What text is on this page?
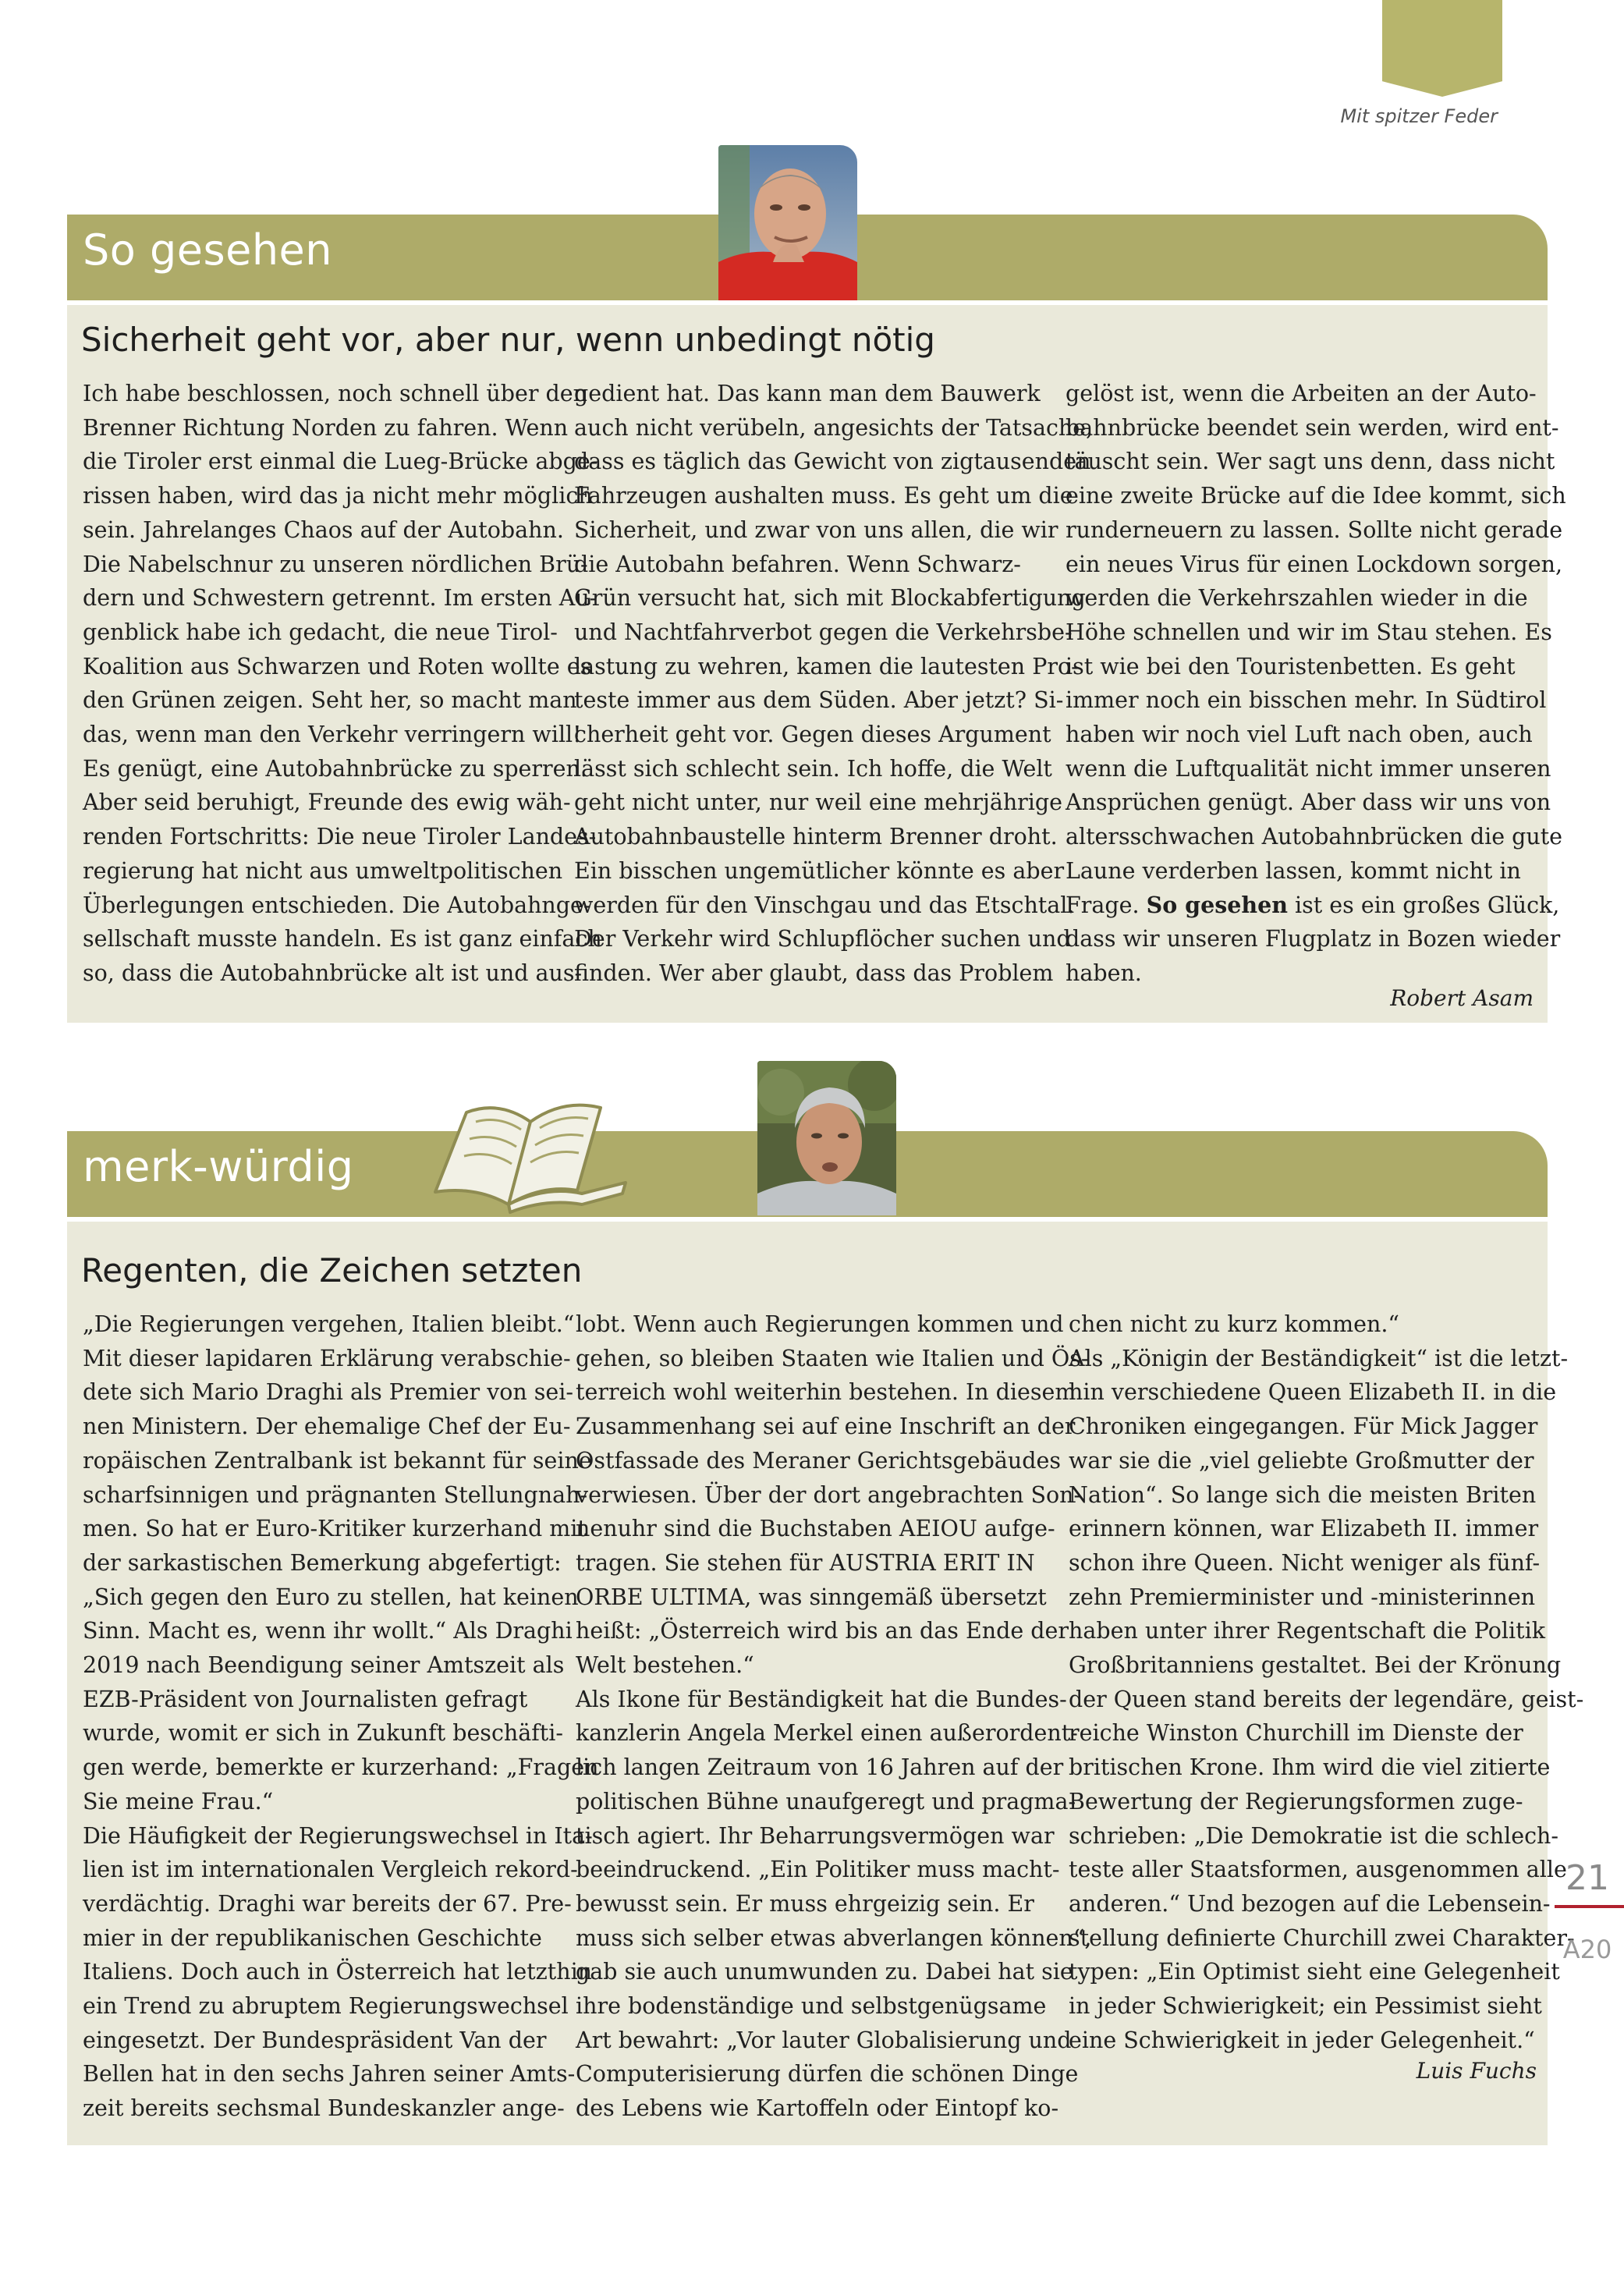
Mit spitzer Feder
So gesehen
Sicherheit geht vor, aber nur, wenn unbedingt nötig
Ich habe beschlossen, noch schnell über den
Brenner Richtung Norden zu fahren. Wenn
die Tiroler erst einmal die Lueg-Brücke abge-
rissen haben, wird das ja nicht mehr möglich
sein. Jahrelanges Chaos auf der Autobahn.
Die Nabelschnur zu unseren nördlichen Brü-
dern und Schwestern getrennt. Im ersten Au-
genblick habe ich gedacht, die neue Tirol-
Koalition aus Schwarzen und Roten wollte es
den Grünen zeigen. Seht her, so macht man
das, wenn man den Verkehr verringern will!
Es genügt, eine Autobahnbrücke zu sperren.
Aber seid beruhigt, Freunde des ewig wäh-
renden Fortschritts: Die neue Tiroler Landes-
regierung hat nicht aus umweltpolitischen
Überlegungen entschieden. Die Autobahnge-
sellschaft musste handeln. Es ist ganz einfach
so, dass die Autobahnbrücke alt ist und aus-
gedient hat. Das kann man dem Bauwerk
auch nicht verübeln, angesichts der Tatsache,
dass es täglich das Gewicht von zigtausenden
Fahrzeugen aushalten muss. Es geht um die
Sicherheit, und zwar von uns allen, die wir
die Autobahn befahren. Wenn Schwarz-
Grün versucht hat, sich mit Blockabfertigung
und Nachtfahrverbot gegen die Verkehrsbe-
lastung zu wehren, kamen die lautesten Pro-
teste immer aus dem Süden. Aber jetzt? Si-
cherheit geht vor. Gegen dieses Argument
lässt sich schlecht sein. Ich hoffe, die Welt
geht nicht unter, nur weil eine mehrjährige
Autobahnbaustelle hinterm Brenner droht.
Ein bisschen ungemütlicher könnte es aber
werden für den Vinschgau und das Etschtal.
Der Verkehr wird Schlupflöcher suchen und
finden. Wer aber glaubt, dass das Problem
gelöst ist, wenn die Arbeiten an der Auto-
bahnbrücke beendet sein werden, wird ent-
täuscht sein. Wer sagt uns denn, dass nicht
eine zweite Brücke auf die Idee kommt, sich
runderneuern zu lassen. Sollte nicht gerade
ein neues Virus für einen Lockdown sorgen,
werden die Verkehrszahlen wieder in die
Höhe schnellen und wir im Stau stehen. Es
ist wie bei den Touristenbetten. Es geht
immer noch ein bisschen mehr. In Südtirol
haben wir noch viel Luft nach oben, auch
wenn die Luftqualität nicht immer unseren
Ansprüchen genügt. Aber dass wir uns von
altersschwachen Autobahnbrücken die gute
Laune verderben lassen, kommt nicht in
Frage. So gesehen ist es ein großes Glück,
dass wir unseren Flugplatz in Bozen wieder
haben.
Robert Asam
merk-würdig
Regenten, die Zeichen setzten
„Die Regierungen vergehen, Italien bleibt.“
Mit dieser lapidaren Erklärung verabschie-
dete sich Mario Draghi als Premier von sei-
nen Ministern. Der ehemalige Chef der Eu-
ropäischen Zentralbank ist bekannt für seine
scharfsinnigen und prägnanten Stellungnah-
men. So hat er Euro-Kritiker kurzerhand mit
der sarkastischen Bemerkung abgefertigt:
„Sich gegen den Euro zu stellen, hat keinen
Sinn. Macht es, wenn ihr wollt.“ Als Draghi
2019 nach Beendigung seiner Amtszeit als
EZB-Präsident von Journalisten gefragt
wurde, womit er sich in Zukunft beschäfti-
gen werde, bemerkte er kurzerhand: „Fragen
Sie meine Frau.“
Die Häufigkeit der Regierungswechsel in Ita-
lien ist im internationalen Vergleich rekord-
verdächtig. Draghi war bereits der 67. Pre-
mier in der republikanischen Geschichte
Italiens. Doch auch in Österreich hat letzthin
ein Trend zu abruptem Regierungswechsel
eingesetzt. Der Bundespräsident Van der
Bellen hat in den sechs Jahren seiner Amts-
zeit bereits sechsmal Bundeskanzler ange-
lobt. Wenn auch Regierungen kommen und
gehen, so bleiben Staaten wie Italien und Ös-
terreich wohl weiterhin bestehen. In diesem
Zusammenhang sei auf eine Inschrift an der
Ostfassade des Meraner Gerichtsgebäudes
verwiesen. Über der dort angebrachten Son-
nenuhr sind die Buchstaben AEIOU aufge-
tragen. Sie stehen für AUSTRIA ERIT IN
ORBE ULTIMA, was sinngemäß übersetzt
heißt: „Österreich wird bis an das Ende der
Welt bestehen.“
Als Ikone für Beständigkeit hat die Bundes-
kanzlerin Angela Merkel einen außerordent-
lich langen Zeitraum von 16 Jahren auf der
politischen Bühne unaufgeregt und pragma-
tisch agiert. Ihr Beharrungsvermögen war
beeindruckend. „Ein Politiker muss macht-
bewusst sein. Er muss ehrgeizig sein. Er
muss sich selber etwas abverlangen können“,
gab sie auch unumwunden zu. Dabei hat sie
ihre bodenständige und selbstgenügsame
Art bewahrt: „Vor lauter Globalisierung und
Computerisierung dürfen die schönen Dinge
des Lebens wie Kartoffeln oder Eintopf ko-
chen nicht zu kurz kommen.“
Als „Königin der Beständigkeit“ ist die letzt-
hin verschiedene Queen Elizabeth II. in die
Chroniken eingegangen. Für Mick Jagger
war sie die „viel geliebte Großmutter der
Nation“. So lange sich die meisten Briten
erinnern können, war Elizabeth II. immer
schon ihre Queen. Nicht weniger als fünf-
zehn Premierminister und -ministerinnen
haben unter ihrer Regentschaft die Politik
Großbritanniens gestaltet. Bei der Krönung
der Queen stand bereits der legendäre, geist-
reiche Winston Churchill im Dienste der
britischen Krone. Ihm wird die viel zitierte
Bewertung der Regierungsformen zuge-
schrieben: „Die Demokratie ist die schlech-
teste aller Staatsformen, ausgenommen alle
anderen.“ Und bezogen auf die Lebensein-
stellung definierte Churchill zwei Charakter-
typen: „Ein Optimist sieht eine Gelegenheit
in jeder Schwierigkeit; ein Pessimist sieht
eine Schwierigkeit in jeder Gelegenheit.“
Luis Fuchs
21
A20
